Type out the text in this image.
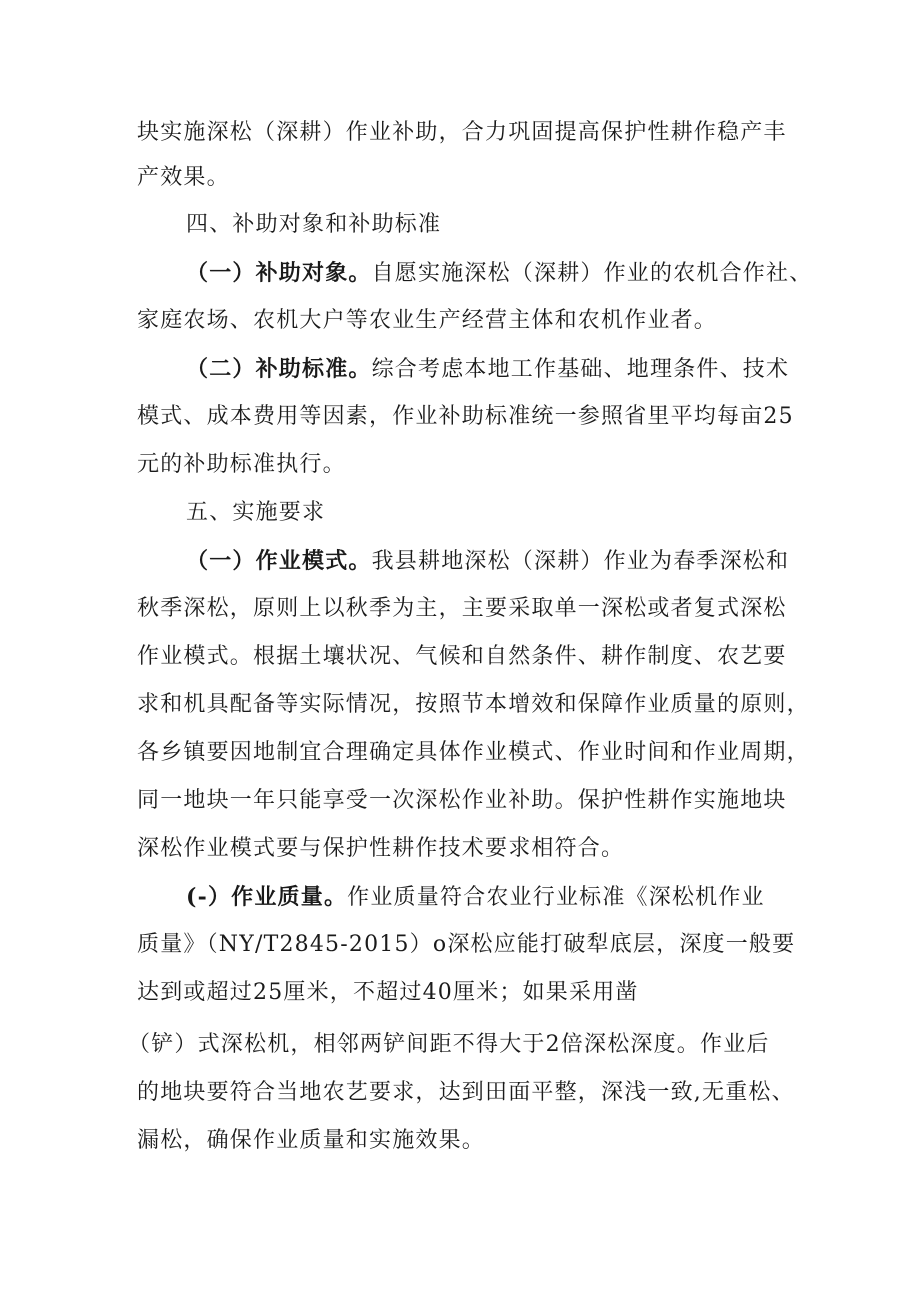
块实施深松（深耕）作业补助，合力巩固提高保护性耕作稳产丰
产效果。
四、补助对象和补助标准
（一）补助对象。自愿实施深松（深耕）作业的农机合作社、
家庭农场、农机大户等农业生产经营主体和农机作业者。
（二）补助标准。综合考虑本地工作基础、地理条件、技术
模式、成本费用等因素，作业补助标准统一参照省里平均每亩25
元的补助标准执行。
五、实施要求
（一）作业模式。我县耕地深松（深耕）作业为春季深松和
秋季深松，原则上以秋季为主，主要采取单一深松或者复式深松
作业模式。根据土壤状况、气候和自然条件、耕作制度、农艺要
求和机具配备等实际情况，按照节本增效和保障作业质量的原则，
各乡镇要因地制宜合理确定具体作业模式、作业时间和作业周期，
同一地块一年只能享受一次深松作业补助。保护性耕作实施地块
深松作业模式要与保护性耕作技术要求相符合。
(-）作业质量。作业质量符合农业行业标准《深松机作业
质量》（NY/T2845-2015）o深松应能打破犁底层，深度一般要
达到或超过25厘米，不超过40厘米；如果采用凿
（铲）式深松机，相邻两铲间距不得大于2倍深松深度。作业后
的地块要符合当地农艺要求，达到田面平整，深浅一致,无重松、
漏松，确保作业质量和实施效果。
